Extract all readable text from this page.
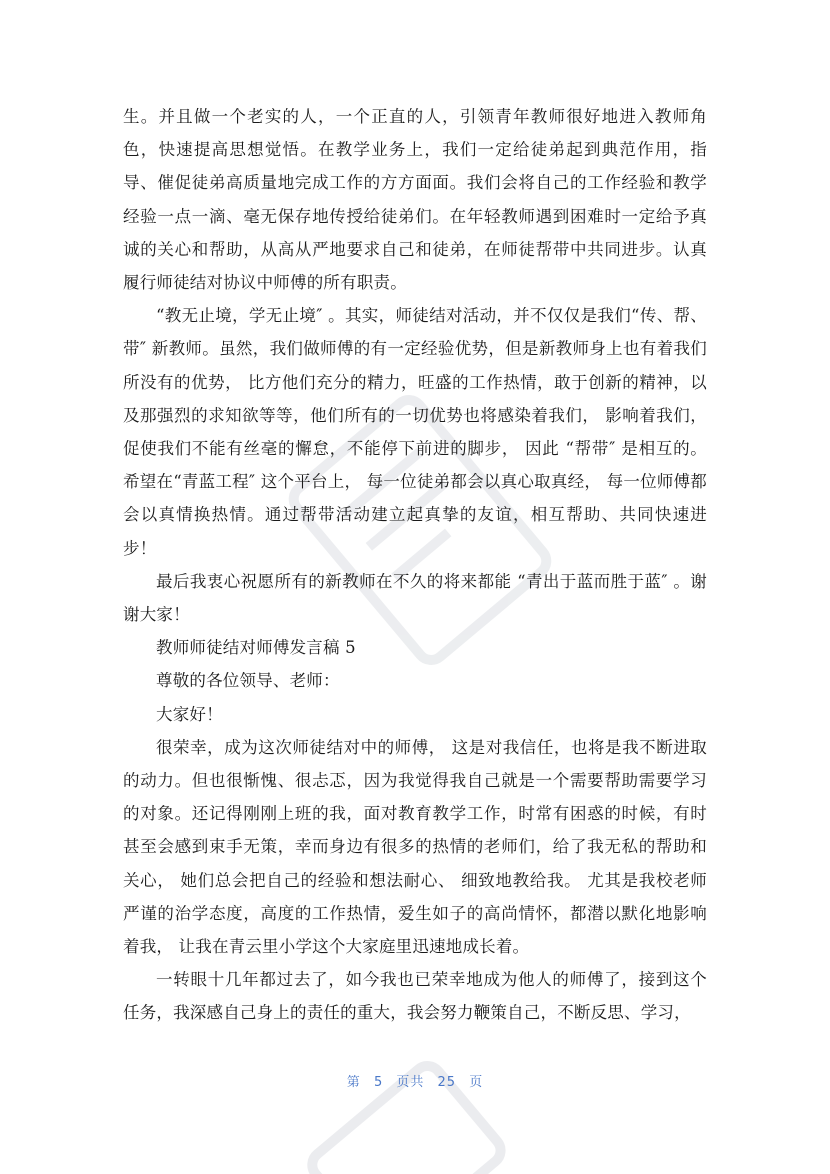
生。并且做一个老实的人，一个正直的人，引领青年教师很好地进入教师角色，快速提高思想觉悟。在教学业务上，我们一定给徒弟起到典范作用，指导、催促徒弟高质量地完成工作的方方面面。我们会将自己的工作经验和教学经验一点一滴、毫无保存地传授给徒弟们。在年轻教师遇到困难时一定给予真诚的关心和帮助，从高从严地要求自己和徒弟，在师徒帮带中共同进步。认真履行师徒结对协议中师傅的所有职责。

“教无止境，学无止境″ 。其实，师徒结对活动，并不仅仅是我们“传、帮、带″ 新教师。虽然，我们做师傅的有一定经验优势，但是新教师身上也有着我们所没有的优势， 比方他们充分的精力，旺盛的工作热情，敢于创新的精神，以及那强烈的求知欲等等，他们所有的一切优势也将感染着我们， 影响着我们，促使我们不能有丝毫的懈怠，不能停下前进的脚步， 因此 “帮带″ 是相互的。 希望在“青蓝工程″ 这个平台上， 每一位徒弟都会以真心取真经， 每一位师傅都会以真情换热情。通过帮带活动建立起真挚的友谊，相互帮助、共同快速进步！

最后我衷心祝愿所有的新教师在不久的将来都能 “青出于蓝而胜于蓝″ 。谢谢大家！

教师师徒结对师傅发言稿 5

尊敬的各位领导、老师：

大家好！

很荣幸，成为这次师徒结对中的师傅， 这是对我信任，也将是我不断进取的动力。但也很惭愧、很忐忑，因为我觉得我自己就是一个需要帮助需要学习的对象。还记得刚刚上班的我，面对教育教学工作，时常有困惑的时候，有时甚至会感到束手无策，幸而身边有很多的热情的老师们，给了我无私的帮助和关心， 她们总会把自己的经验和想法耐心、 细致地教给我。 尤其是我校老师严谨的治学态度，高度的工作热情，爱生如子的高尚情怀，都潜以默化地影响着我， 让我在青云里小学这个大家庭里迅速地成长着。

一转眼十几年都过去了，如今我也已荣幸地成为他人的师傅了，接到这个任务，我深感自己身上的责任的重大，我会努力鞭策自己，不断反思、学习，

第 5 页共 25 页
